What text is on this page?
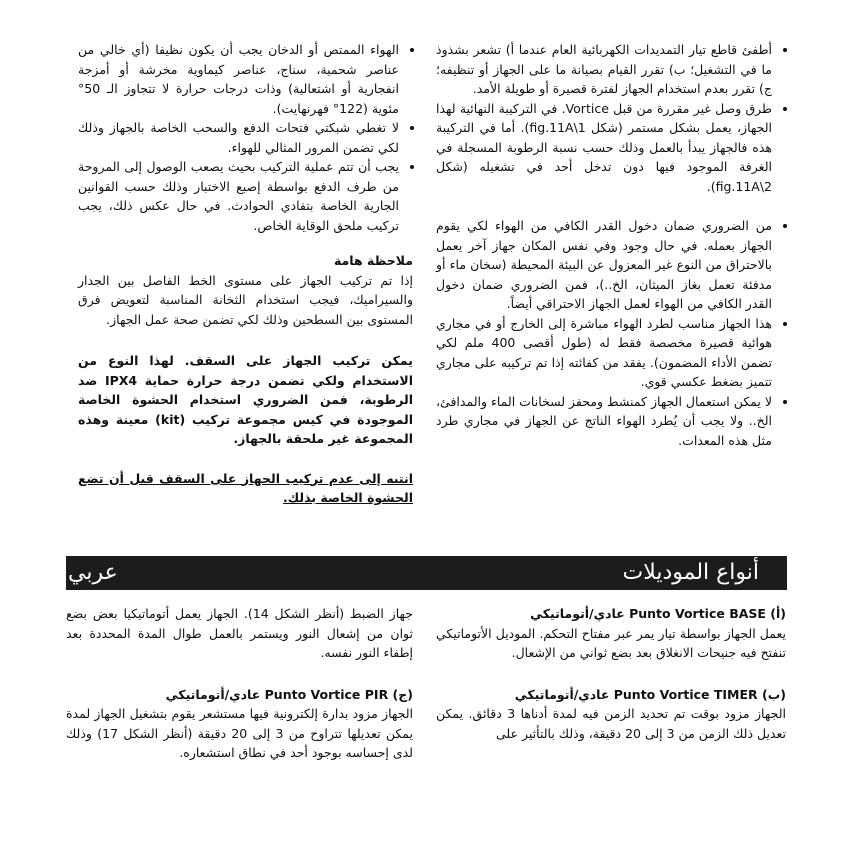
• أطفئ قاطع تيار التمديدات الكهربائية العام عندما أ) تشعر بشذوذ ما في التشغيل؛ ب) تقرر القيام بصيانة ما على الجهاز أو تنظيفه؛ ج) تقرر بعدم استخدام الجهاز لفترة قصيرة أو طويلة الأمد.
• طرق وصل غير مقررة من قبل Vortice. في التركيبة النهائية لهذا الجهاز، يعمل بشكل مستمر (شكل fig.11A\1). أما في التركيبة هذه فالجهاز يبدأ بالعمل وذلك حسب نسبة الرطوبة المسجلة في الغرفة الموجود فيها دون تدخل أحد في تشغيله (شكل fig.11A\2).
• من الضروري ضمان دخول القدر الكافي من الهواء لكي يقوم الجهاز بعمله. في حال وجود وفي نفس المكان جهاز آخر يعمل بالاحتراق من النوع غير المعزول عن البيئة المحيطة (سخان ماء أو مدفئة تعمل بغاز الميثان، الخ..)، فمن الضروري ضمان دخول القدر الكافي من الهواء لعمل الجهاز الاحتراقي أيضاً.
• هذا الجهاز مناسب لطرد الهواء مباشرة إلى الخارج أو في مجاري هوائية قصيرة مخصصة فقط له (طول أقصى 400 ملم لكي تضمن الأداء المضمون). يفقد من كفائته إذا تم تركيبه على مجاري تتميز بضغط عكسي قوي.
• لا يمكن استعمال الجهاز كمنشط ومحفز لسخانات الماء والمدافئ، الخ.. ولا يجب أن يُطرد الهواء الناتج عن الجهاز في مجاري طرد مثل هذه المعدات.
• الهواء الممتص أو الدخان يجب أن يكون نظيفا (أي خالي من عناصر شحمية، سناج، عناصر كيماوية مخرشة أو أمزجة انفجارية أو اشتعالية) وذات درجات حرارة لا تتجاوز الـ 50° مئوية (122° فهرنهايت).
• لا تغطي شبكتي فتحات الدفع والسحب الخاصة بالجهاز وذلك لكي تضمن المرور المثالي للهواء.
• يجب أن تتم عملية التركيب بحيث يصعب الوصول إلى المروحة من طرف الدفع بواسطة إصبع الاختبار وذلك حسب القوانين الجارية الخاصة بتفادي الحوادث. في حال عكس ذلك، يجب تركيب ملحق الوقاية الخاص.

ملاحظة هامة

إذا تم تركيب الجهاز على مستوى الخط الفاصل بين الجدار والسيراميك، فيجب استخدام الثخانة المناسبة لتعويض فرق المستوى بين السطحين وذلك لكي تضمن صحة عمل الجهاز.

يمكن تركيب الجهاز على السقف. لهذا النوع من الاستخدام ولكي تضمن درجة حرارة حماية IPX4 ضد الرطوبة، فمن الضروري استخدام الحشوة الخاصة الموجودة في كيس مجموعة تركيب (kit) معينة وهذه المجموعة غير ملحقة بالجهاز.

انتبه إلى عدم تركيب الجهاز على السقف قبل أن تضع الحشوة الخاصة بذلك.

أنواع الموديلات
عربي

(أ) Punto Vortice BASE عادي/أتوماتيكي

يعمل الجهاز بواسطة تيار يمر عبر مفتاح التحكم. الموديل الأتوماتيكي تنفتح فيه جنيحات الانغلاق بعد بضع ثواني من الإشعال.

(ب) Punto Vortice TIMER عادي/أتوماتيكي

الجهاز مزود بوقت تم تحديد الزمن فيه لمدة أدناها 3 دقائق. يمكن تعديل ذلك الزمن من 3 إلى 20 دقيقة، وذلك بالتأثير على

جهاز الضبط (أنظر الشكل 14). الجهاز يعمل أتوماتيكيا بعض بضع ثوان من إشعال النور ويستمر بالعمل طوال المدة المحددة بعد إطفاء النور نفسه.

(ج) Punto Vortice PIR عادي/أتوماتيكي

الجهاز مزود بدارة إلكترونية فيها مستشعر يقوم بتشغيل الجهاز لمدة يمكن تعديلها تتراوح من 3 إلى 20 دقيقة (أنظر الشكل 17) وذلك لدى إحساسه بوجود أحد في نطاق استشعاره.
